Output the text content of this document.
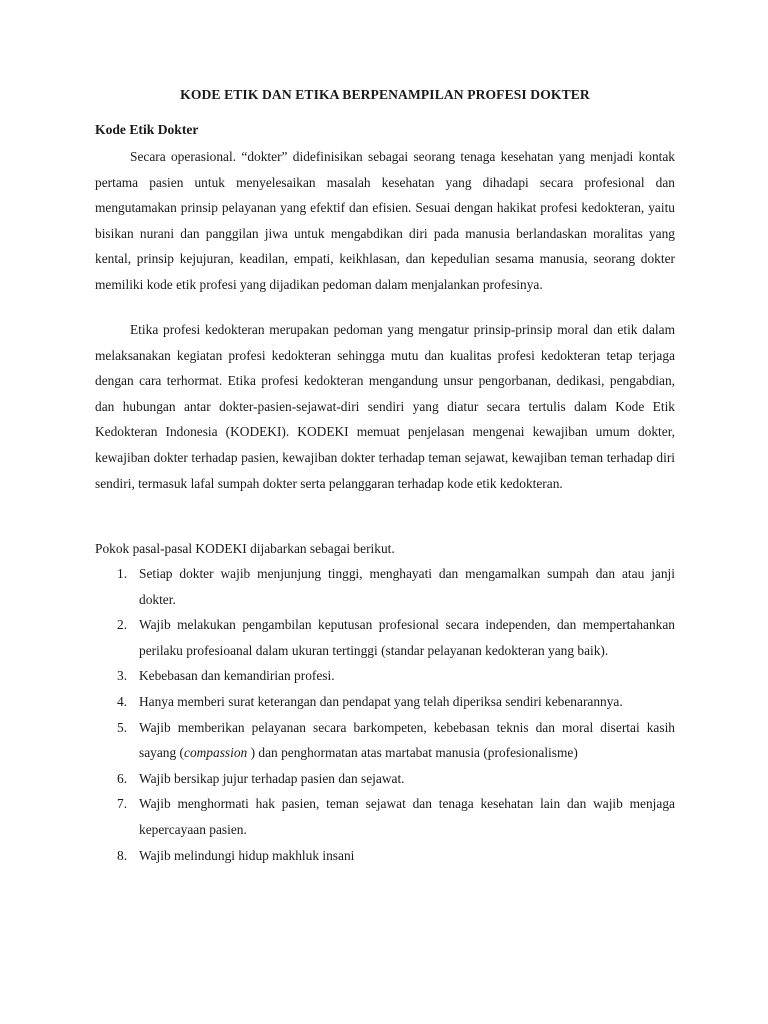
KODE ETIK DAN ETIKA BERPENAMPILAN PROFESI DOKTER
Kode Etik Dokter

Secara operasional. “dokter” didefinisikan sebagai seorang tenaga kesehatan yang menjadi kontak pertama pasien untuk menyelesaikan masalah kesehatan yang dihadapi secara profesional dan mengutamakan prinsip pelayanan yang efektif dan efisien. Sesuai dengan hakikat profesi kedokteran, yaitu bisikan nurani dan panggilan jiwa untuk mengabdikan diri pada manusia berlandaskan moralitas yang kental, prinsip kejujuran, keadilan, empati, keikhlasan, dan kepedulian sesama manusia, seorang dokter memiliki kode etik profesi yang dijadikan pedoman dalam menjalankan profesinya.

Etika profesi kedokteran merupakan pedoman yang mengatur prinsip-prinsip moral dan etik dalam melaksanakan kegiatan profesi kedokteran sehingga mutu dan kualitas profesi kedokteran tetap terjaga dengan cara terhormat. Etika profesi kedokteran mengandung unsur pengorbanan, dedikasi, pengabdian, dan hubungan antar dokter-pasien-sejawat-diri sendiri yang diatur secara tertulis dalam Kode Etik Kedokteran Indonesia (KODEKI). KODEKI memuat penjelasan mengenai kewajiban umum dokter, kewajiban dokter terhadap pasien, kewajiban dokter terhadap teman sejawat, kewajiban teman terhadap diri sendiri, termasuk lafal sumpah dokter serta pelanggaran terhadap kode etik kedokteran.

Pokok pasal-pasal KODEKI dijabarkan sebagai berikut.

1. Setiap dokter wajib menjunjung tinggi, menghayati dan mengamalkan sumpah dan atau janji dokter.
2. Wajib melakukan pengambilan keputusan profesional secara independen, dan mempertahankan perilaku profesioanal dalam ukuran tertinggi (standar pelayanan kedokteran yang baik).
3. Kebebasan dan kemandirian profesi.
4. Hanya memberi surat keterangan dan pendapat yang telah diperiksa sendiri kebenarannya.
5. Wajib memberikan pelayanan secara barkompeten, kebebasan teknis dan moral disertai kasih sayang (compassion ) dan penghormatan atas martabat manusia (profesionalisme)
6. Wajib bersikap jujur terhadap pasien dan sejawat.
7. Wajib menghormati hak pasien, teman sejawat dan tenaga kesehatan lain dan wajib menjaga kepercayaan pasien.
8. Wajib melindungi hidup makhluk insani
